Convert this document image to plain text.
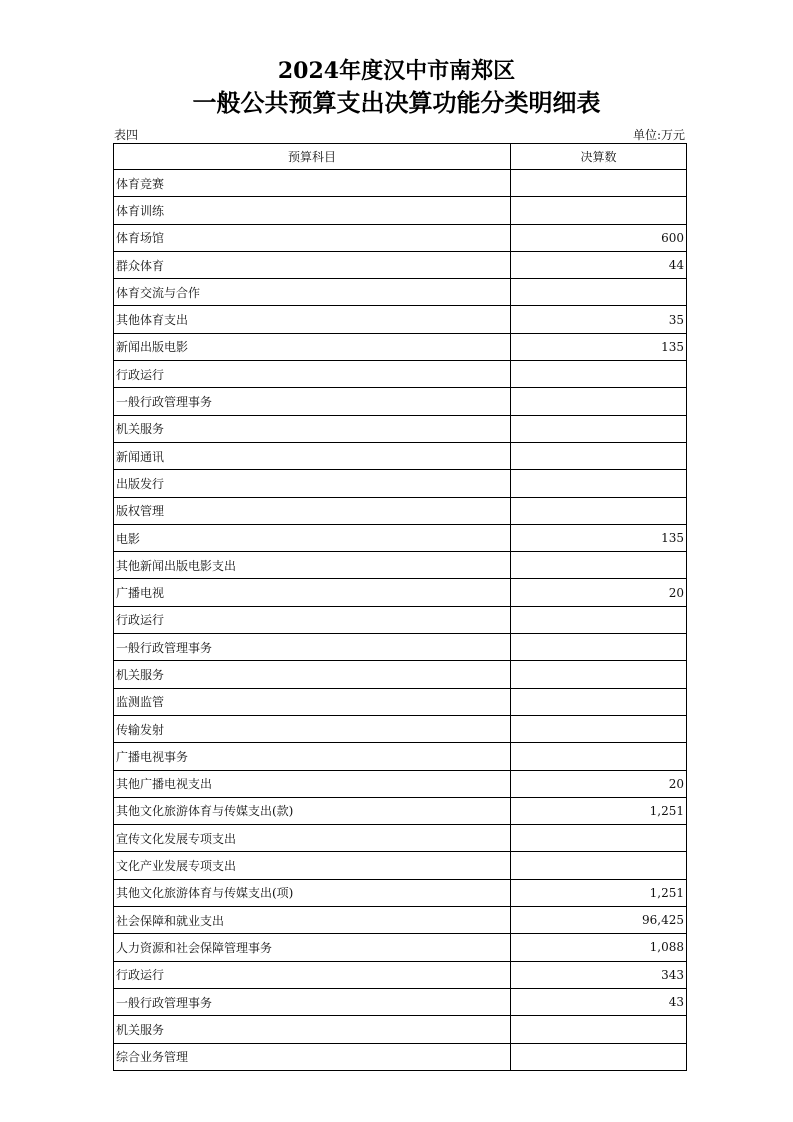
2024年度汉中市南郑区
一般公共预算支出决算功能分类明细表
表四	单位:万元
预算科目	决算数
体育竞赛	
体育训练	
体育场馆	600
群众体育	44
体育交流与合作	
其他体育支出	35
新闻出版电影	135
行政运行	
一般行政管理事务	
机关服务	
新闻通讯	
出版发行	
版权管理	
电影	135
其他新闻出版电影支出	
广播电视	20
行政运行	
一般行政管理事务	
机关服务	
监测监管	
传输发射	
广播电视事务	
其他广播电视支出	20
其他文化旅游体育与传媒支出(款)	1,251
宣传文化发展专项支出	
文化产业发展专项支出	
其他文化旅游体育与传媒支出(项)	1,251
社会保障和就业支出	96,425
人力资源和社会保障管理事务	1,088
行政运行	343
一般行政管理事务	43
机关服务	
综合业务管理	
